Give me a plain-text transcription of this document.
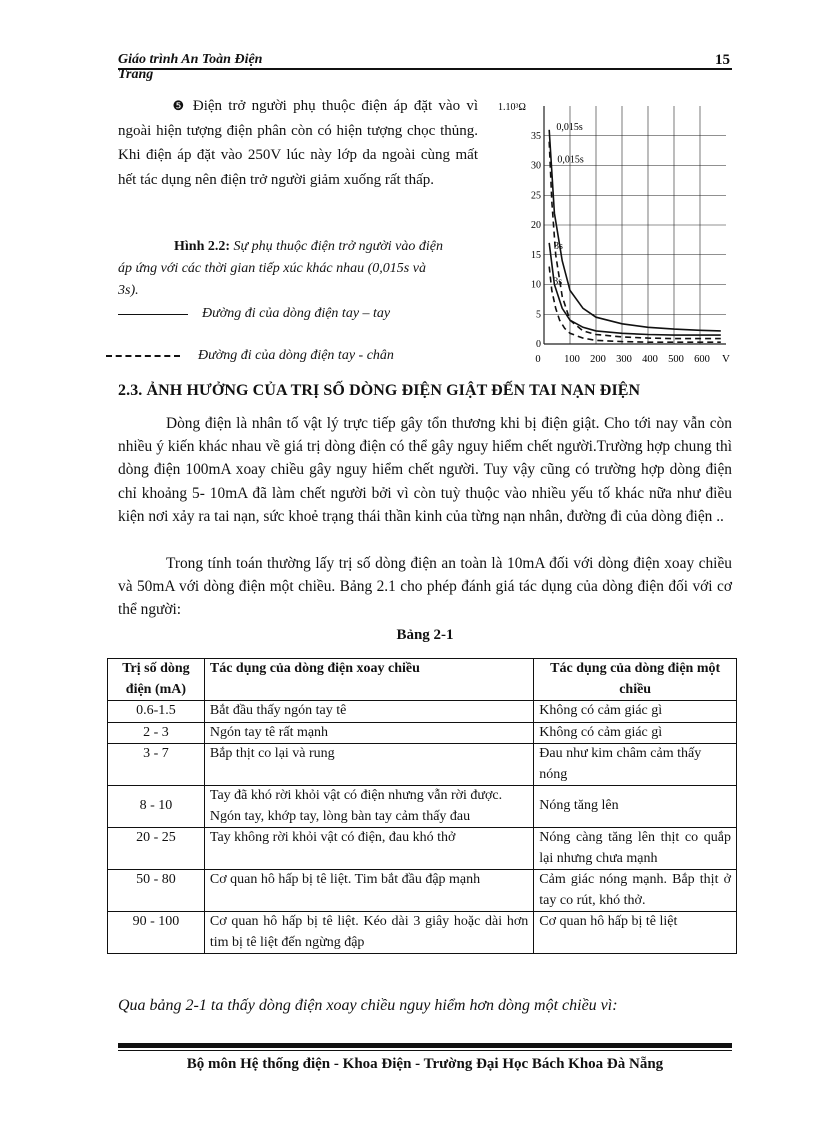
Giáo trình An Toàn Điện
Trang
15
❺ Điện trở người phụ thuộc điện áp đặt vào vì ngoài hiện tượng điện phân còn có hiện tượng chọc thủng. Khi điện áp đặt vào 250V lúc này lớp da ngoài cùng mất hết tác dụng nên điện trở người giảm xuống rất thấp.
Hình 2.2: Sự phụ thuộc điện trở người vào điện áp ứng với các thời gian tiếp xúc khác nhau (0,015s và 3s).
Đường đi của dòng điện tay – tay
Đường đi của dòng điện tay - chân
0
5
10
15
20
25
30
35
0 100 200 300 400 500 600 V
1.10³Ω
0,015s
0,015s
3s
3s
2.3. ẢNH HƯỞNG CỦA TRỊ SỐ DÒNG ĐIỆN GIẬT ĐẾN TAI NẠN ĐIỆN
Dòng điện là nhân tố vật lý trực tiếp gây tổn thương khi bị điện giật. Cho tới nay vẫn còn nhiều ý kiến khác nhau về giá trị dòng điện có thể gây nguy hiểm chết người.Trường hợp chung thì dòng điện 100mA xoay chiều gây nguy hiểm chết người. Tuy vậy cũng có trường hợp dòng điện chỉ khoảng 5- 10mA đã làm chết người bởi vì còn tuỳ thuộc vào nhiều yếu tố khác nữa như điều kiện nơi xảy ra tai nạn, sức khoẻ trạng thái thần kinh của từng nạn nhân, đường đi của dòng điện ..
Trong tính toán thường lấy trị số dòng điện an toàn là 10mA đối với dòng điện xoay chiều và 50mA với dòng điện một chiều. Bảng 2.1 cho phép đánh giá tác dụng của dòng điện đối với cơ thể người:
Bảng 2-1
Trị số dòng điện (mA)	Tác dụng của dòng điện xoay chiều	Tác dụng của dòng điện một chiều
0.6-1.5	Bắt đầu thấy ngón tay tê	Không có cảm giác gì
2 - 3	Ngón tay tê rất mạnh	Không có cảm giác gì
3 - 7	Bắp thịt co lại và rung	Đau như kim châm cảm thấy nóng
8 - 10	Tay đã khó rời khỏi vật có điện nhưng vẫn rời được. Ngón tay, khớp tay, lòng bàn tay cảm thấy đau	Nóng tăng lên
20 - 25	Tay không rời khỏi vật có điện, đau khó thở	Nóng càng tăng lên thịt co quắp lại nhưng chưa mạnh
50 - 80	Cơ quan hô hấp bị tê liệt. Tim bắt đầu đập mạnh	Cảm giác nóng mạnh. Bắp thịt ở tay co rút, khó thở.
90 - 100	Cơ quan hô hấp bị tê liệt. Kéo dài 3 giây hoặc dài hơn tim bị tê liệt đến ngừng đập	Cơ quan hô hấp bị tê liệt
Qua bảng 2-1 ta thấy dòng điện xoay chiều nguy hiểm hơn dòng một chiều vì:
Bộ môn Hệ thống điện - Khoa Điện - Trường Đại Học Bách Khoa Đà Nẵng
